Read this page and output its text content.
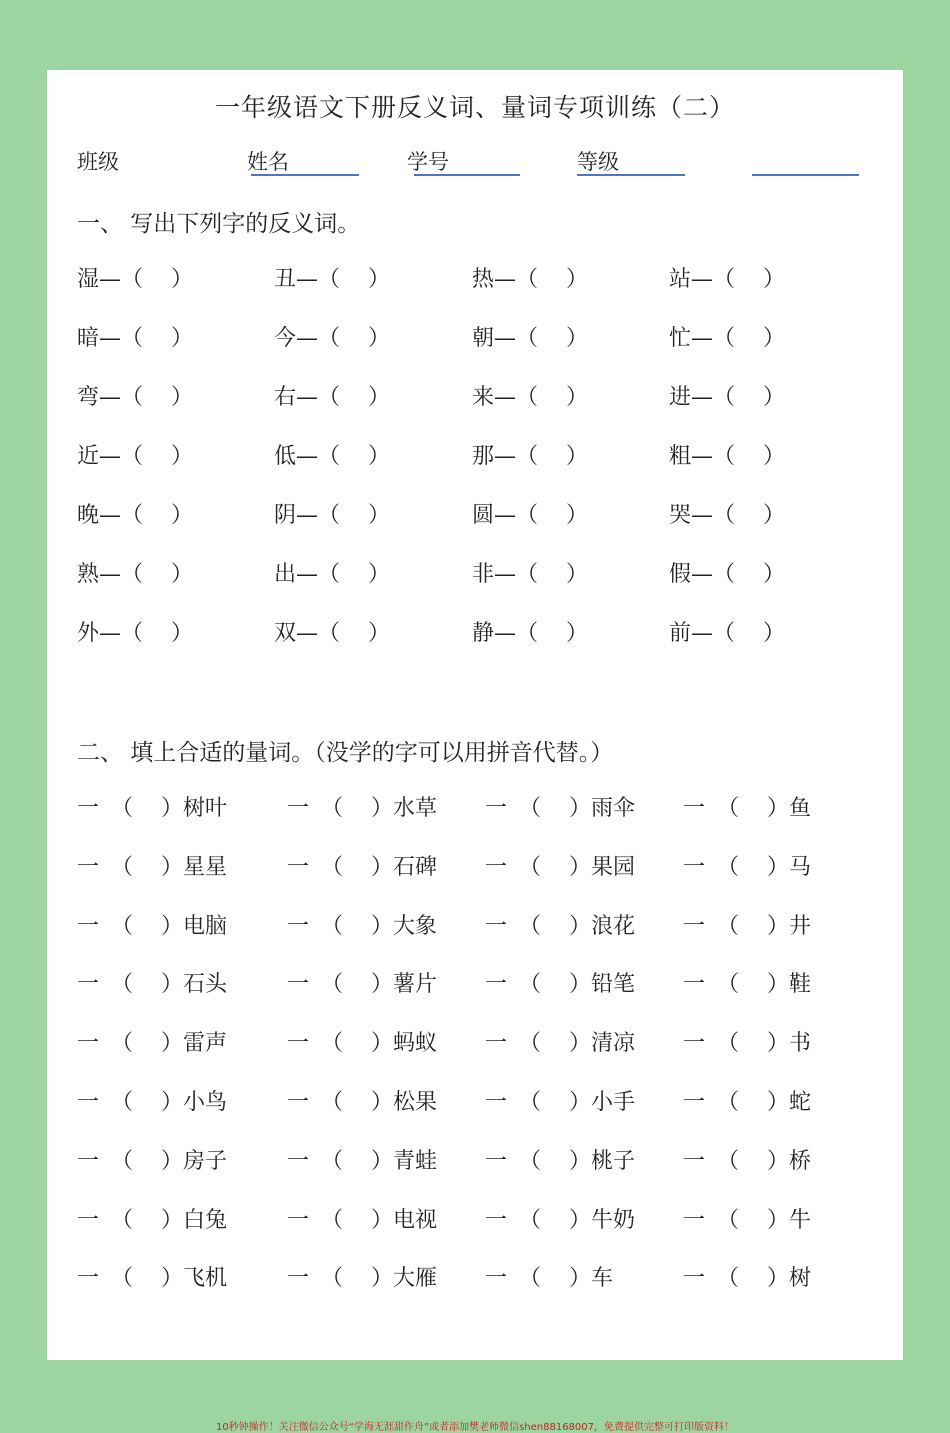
一年级语文下册反义词、量词专项训练（二）
班级	姓名	学号	等级
一、 写出下列字的反义词。
湿—（    ）	丑—（    ）	热—（    ）	站—（    ）
暗—（    ）	今—（    ）	朝—（    ）	忙—（    ）
弯—（    ）	右—（    ）	来—（    ）	进—（    ）
近—（    ）	低—（    ）	那—（    ）	粗—（    ）
晚—（    ）	阴—（    ）	圆—（    ）	哭—（    ）
熟—（    ）	出—（    ）	非—（    ）	假—（    ）
外—（    ）	双—（    ）	静—（    ）	前—（    ）
二、 填上合适的量词。（没学的字可以用拼音代替。）
一 （    ）树叶	一 （    ）水草 一 （    ）雨伞 一 （    ）鱼
一 （    ）星星	一 （    ）石碑 一 （    ）果园 一 （    ）马
一 （    ）电脑	一 （    ）大象 一 （    ）浪花 一 （    ）井
一 （    ）石头	一 （    ）薯片 一 （    ）铅笔 一 （    ）鞋
一 （    ）雷声	一 （    ）蚂蚁 一 （    ）清凉 一 （    ）书
一 （    ）小鸟	一 （    ）松果 一 （    ）小手 一 （    ）蛇
一 （    ）房子	一 （    ）青蛙 一 （    ）桃子 一 （    ）桥
一 （    ）白兔	一 （    ）电视 一 （    ）牛奶 一 （    ）牛
一 （    ）飞机	一 （    ）大雁 一 （    ）车	一 （    ）树
10秒钟操作！关注微信公众号“学海无涯甜作舟”或者添加樊老师微信shen88168007，免费提供完整可打印版资料！
